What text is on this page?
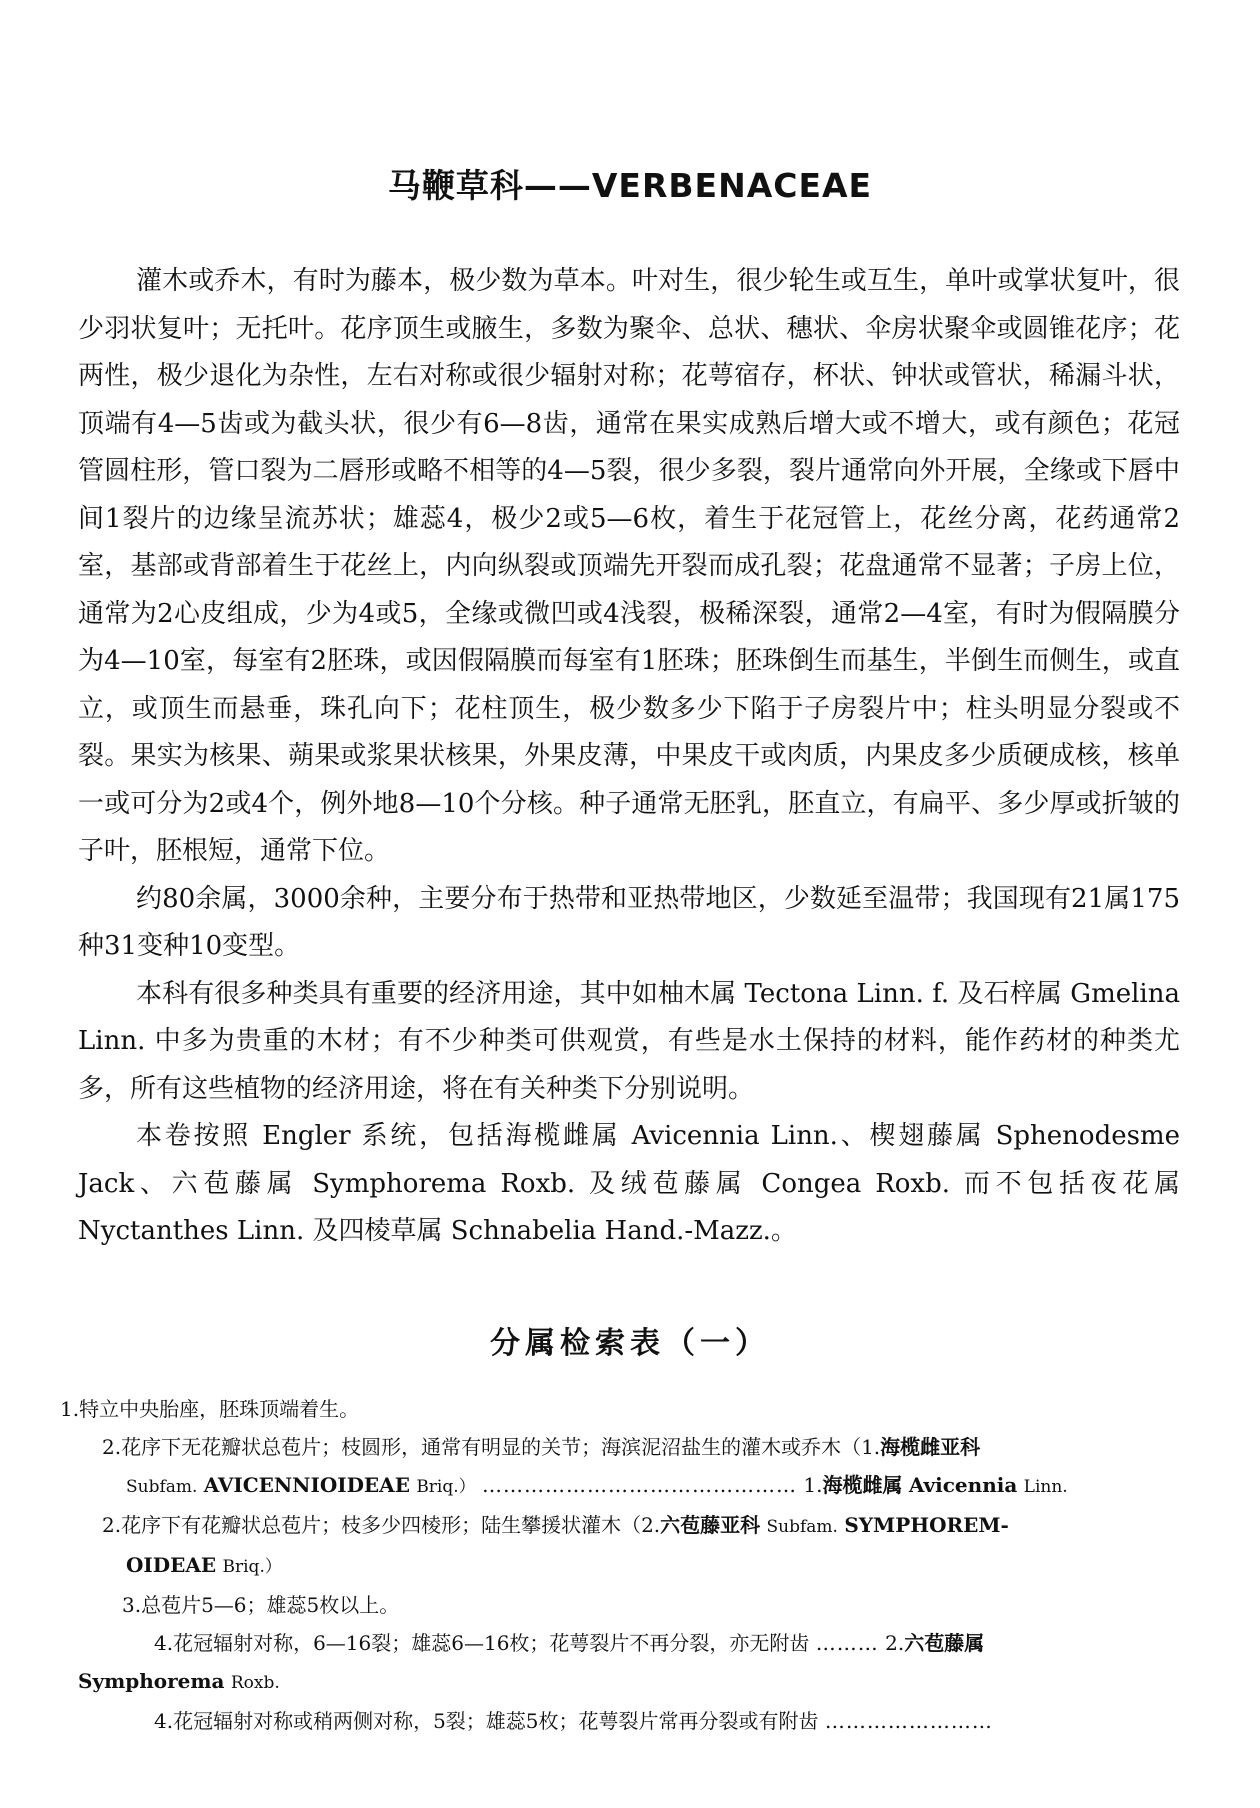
马鞭草科——VERBENACEAE

灌木或乔木，有时为藤本，极少数为草本。叶对生，很少轮生或互生，单叶或掌状复叶，很少羽状复叶；无托叶。花序顶生或腋生，多数为聚伞、总状、穗状、伞房状聚伞或圆锥花序；花两性，极少退化为杂性，左右对称或很少辐射对称；花萼宿存，杯状、钟状或管状，稀漏斗状，顶端有4—5齿或为截头状，很少有6—8齿，通常在果实成熟后增大或不增大，或有颜色；花冠管圆柱形，管口裂为二唇形或略不相等的4—5裂，很少多裂，裂片通常向外开展，全缘或下唇中间1裂片的边缘呈流苏状；雄蕊4，极少2或5—6枚，着生于花冠管上，花丝分离，花药通常2室，基部或背部着生于花丝上，内向纵裂或顶端先开裂而成孔裂；花盘通常不显著；子房上位，通常为2心皮组成，少为4或5，全缘或微凹或4浅裂，极稀深裂，通常2—4室，有时为假隔膜分为4—10室，每室有2胚珠，或因假隔膜而每室有1胚珠；胚珠倒生而基生，半倒生而侧生，或直立，或顶生而悬垂，珠孔向下；花柱顶生，极少数多少下陷于子房裂片中；柱头明显分裂或不裂。果实为核果、蒴果或浆果状核果，外果皮薄，中果皮干或肉质，内果皮多少质硬成核，核单一或可分为2或4个，例外地8—10个分核。种子通常无胚乳，胚直立，有扁平、多少厚或折皱的子叶，胚根短，通常下位。

约80余属，3000余种，主要分布于热带和亚热带地区，少数延至温带；我国现有21属175种31变种10变型。

本科有很多种类具有重要的经济用途，其中如柚木属 Tectona Linn. f. 及石梓属 Gmelina Linn. 中多为贵重的木材；有不少种类可供观赏，有些是水土保持的材料，能作药材的种类尤多，所有这些植物的经济用途，将在有关种类下分别说明。

本卷按照 Engler 系统，包括海榄雌属 Avicennia Linn.、楔翅藤属 Sphenodesme Jack、六苞藤属 Symphorema Roxb. 及绒苞藤属 Congea Roxb. 而不包括夜花属 Nyctanthes Linn. 及四棱草属 Schnabelia Hand.-Mazz.。

分属检索表（一）

1.特立中央胎座，胚珠顶端着生。

2.花序下无花瓣状总苞片；枝圆形，通常有明显的关节；海滨泥沼盐生的灌木或乔木（1.海榄雌亚科

Subfam. AVICENNIOIDEAE Briq.） ……………………………………… 1.海榄雌属 Avicennia Linn.

2.花序下有花瓣状总苞片；枝多少四棱形；陆生攀援状灌木（2.六苞藤亚科 Subfam. SYMPHOREM-

OIDEAE Briq.）

3.总苞片5—6；雄蕊5枚以上。

4.花冠辐射对称，6—16裂；雄蕊6—16枚；花萼裂片不再分裂，亦无附齿 ……… 2.六苞藤属

Symphorema Roxb.

4.花冠辐射对称或稍两侧对称，5裂；雄蕊5枚；花萼裂片常再分裂或有附齿 ……………………
